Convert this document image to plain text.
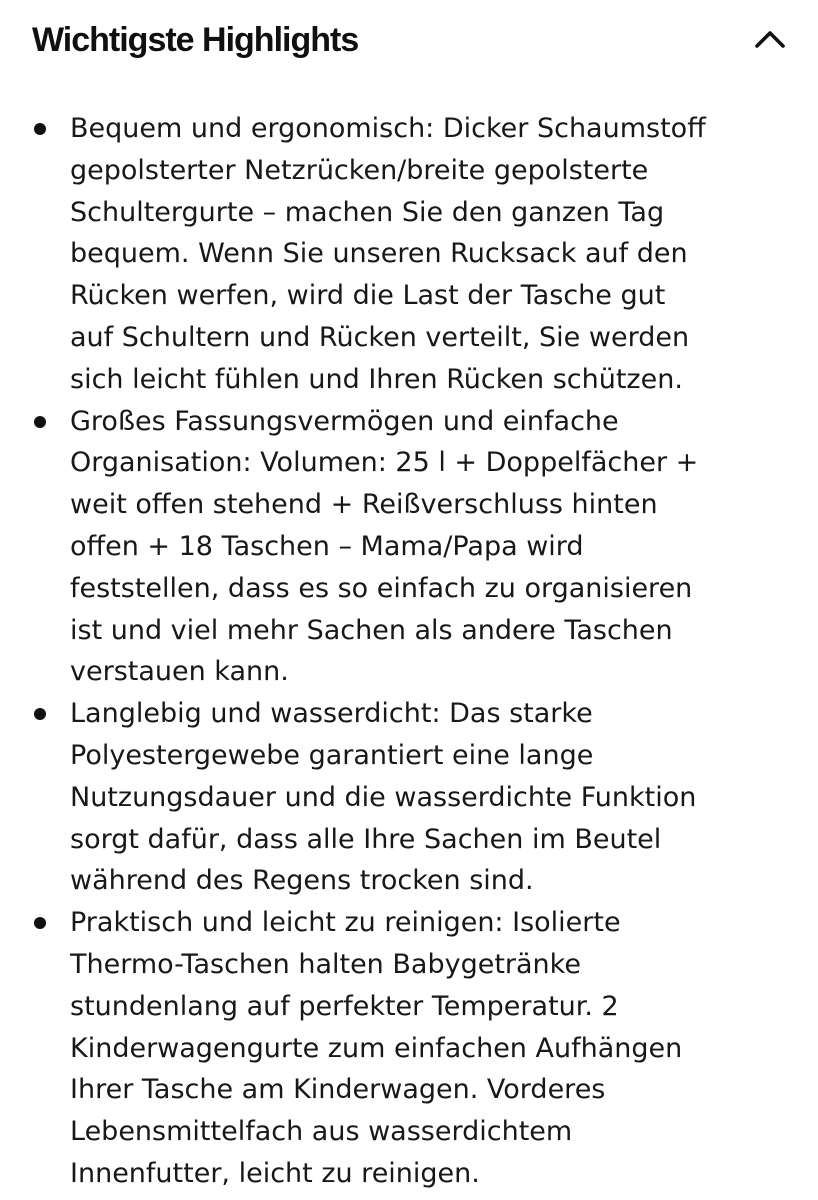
Wichtigste Highlights
Bequem und ergonomisch: Dicker Schaumstoff
gepolsterter Netzrücken/breite gepolsterte
Schultergurte – machen Sie den ganzen Tag
bequem. Wenn Sie unseren Rucksack auf den
Rücken werfen, wird die Last der Tasche gut
auf Schultern und Rücken verteilt, Sie werden
sich leicht fühlen und Ihren Rücken schützen.
Großes Fassungsvermögen und einfache
Organisation: Volumen: 25 l + Doppelfächer +
weit offen stehend + Reißverschluss hinten
offen + 18 Taschen – Mama/Papa wird
feststellen, dass es so einfach zu organisieren
ist und viel mehr Sachen als andere Taschen
verstauen kann.
Langlebig und wasserdicht: Das starke
Polyestergewebe garantiert eine lange
Nutzungsdauer und die wasserdichte Funktion
sorgt dafür, dass alle Ihre Sachen im Beutel
während des Regens trocken sind.
Praktisch und leicht zu reinigen: Isolierte
Thermo-Taschen halten Babygetränke
stundenlang auf perfekter Temperatur. 2
Kinderwagengurte zum einfachen Aufhängen
Ihrer Tasche am Kinderwagen. Vorderes
Lebensmittelfach aus wasserdichtem
Innenfutter, leicht zu reinigen.
